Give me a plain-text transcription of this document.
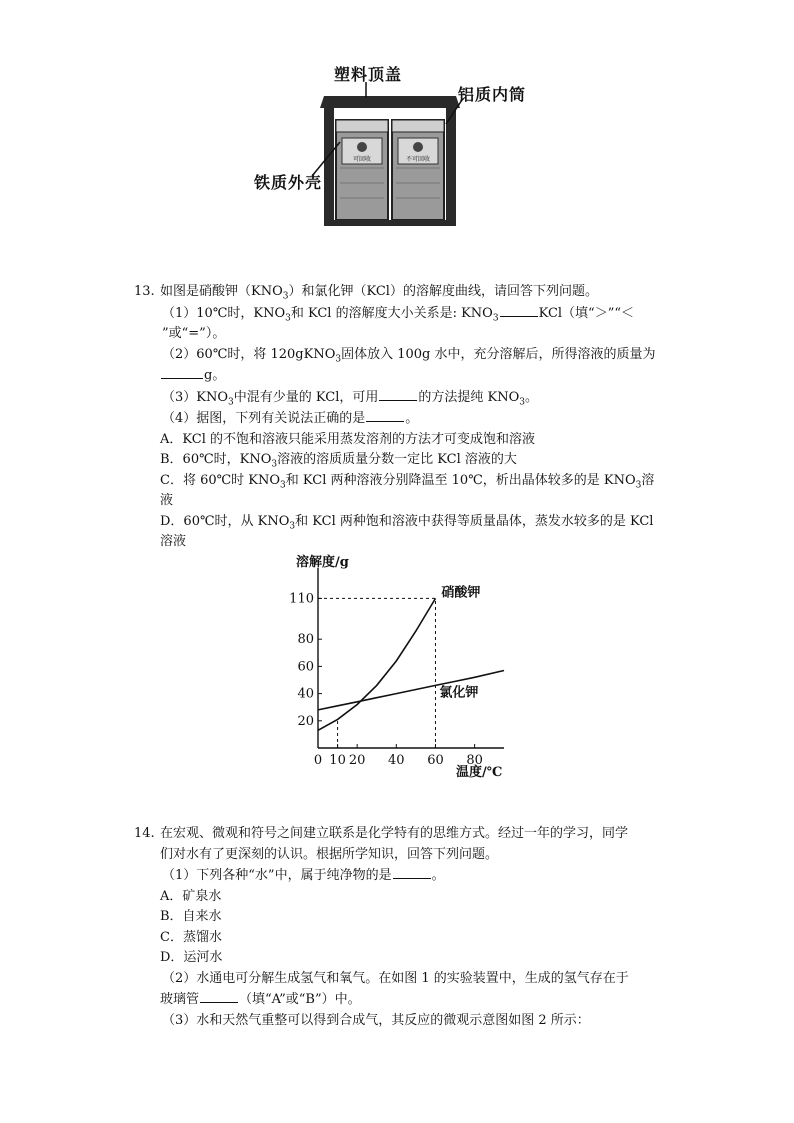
可回收	不可回收
塑料顶盖
铝质内筒
铁质外壳
13. 如图是硝酸钾$(KNO_3)$和氯化钾（KCl）的溶解度曲线，请回答下列问题。
（1）10℃时，$KNO_3$和 KCl 的溶解度大小关系是: $KNO_3$	KCl（填“＞”“＜
”或“=”）。
（2）60℃时，将 120gKNO$_3$固体放入 100g 水中，充分溶解后，所得溶液的质量为
g。
$(3)KNO_3$中混有少量的 KCl，可用	的方法提纯 $KNO_3$。
（4）据图，下列有关说法正确的是	。
A．KCl 的不饱和溶液只能采用蒸发溶剂的方法才可变成饱和溶液
B．60℃时，$KNO_3$溶液的溶质质量分数一定比 KCl 溶液的大
C．将 60℃时 $KNO_3$和 KCl 两种溶液分别降温至 10℃，析出晶体较多的是 $KNO_3$溶
液
D．60℃时，从 $KNO_3$和 KCl 两种饱和溶液中获得等质量晶体，蒸发水较多的是 KCl
溶液
溶解度/g
温度/℃
20
40
60
80
110
0 10 20 40 60 80
硝酸钾
氯化钾
14. 在宏观、微观和符号之间建立联系是化学特有的思维方式。经过一年的学习，同学
们对水有了更深刻的认识。根据所学知识，回答下列问题。
（1）下列各种“水”中，属于纯净物的是	。
A．矿泉水
B．自来水
C．蒸馏水
D．运河水
（2）水通电可分解生成氢气和氧气。在如图 1 的实验装置中，生成的氢气存在于
玻璃管	（填“A”或“B”）中。
（3）水和天然气重整可以得到合成气，其反应的微观示意图如图 2 所示：
